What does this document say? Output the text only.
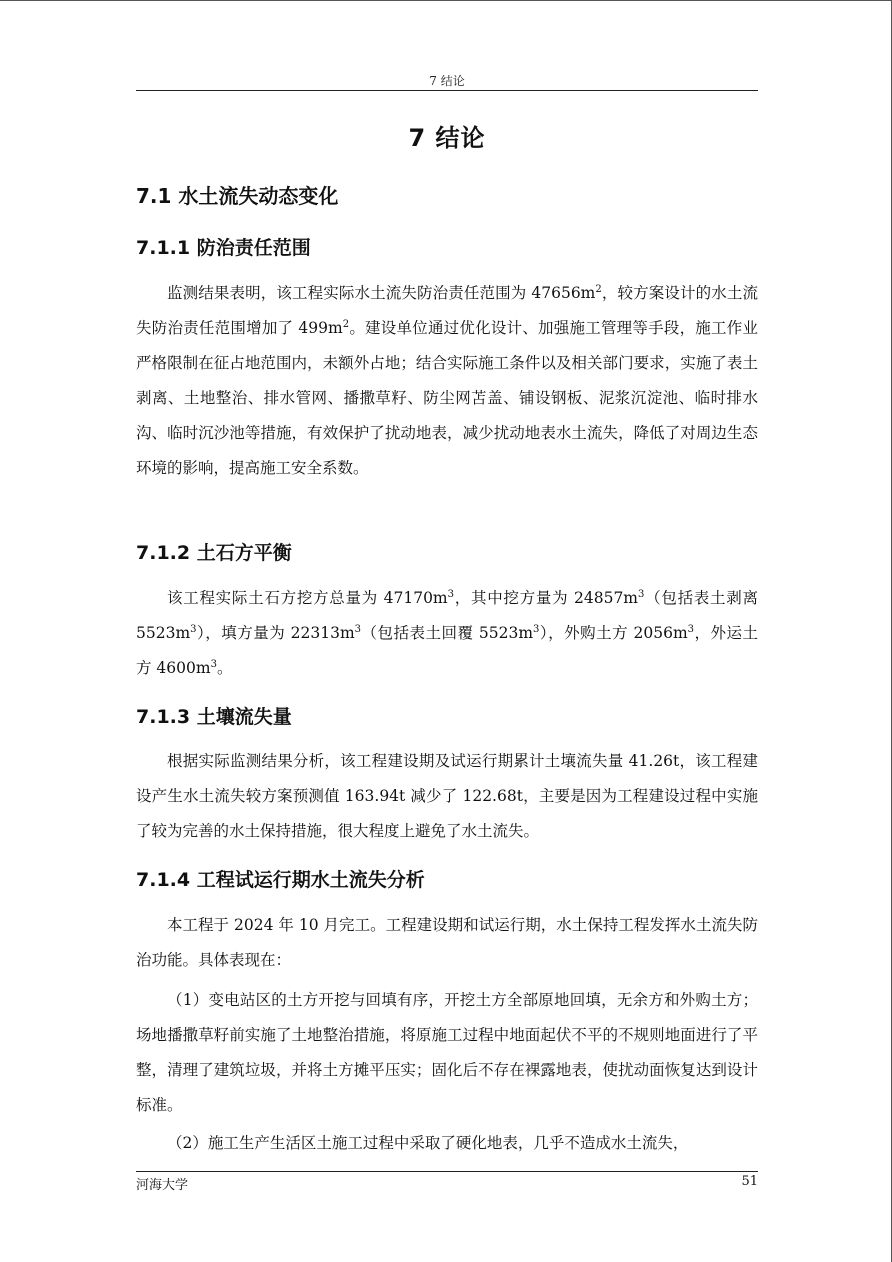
7 结论
7 结论
7.1 水土流失动态变化
7.1.1 防治责任范围

监测结果表明，该工程实际水土流失防治责任范围为 $47656m^2$，较方案设计的水土流失防治责任范围增加了 $499m^2$。建设单位通过优化设计、加强施工管理等手段，施工作业严格限制在征占地范围内，未额外占地；结合实际施工条件以及相关部门要求，实施了表土剥离、土地整治、排水管网、播撒草籽、防尘网苫盖、铺设钢板、泥浆沉淀池、临时排水沟、临时沉沙池等措施，有效保护了扰动地表，减少扰动地表水土流失，降低了对周边生态环境的影响，提高施工安全系数。

7.1.2 土石方平衡

该工程实际土石方挖方总量为 $47170m^3$，其中挖方量为 $24857m^3$（包括表土剥离 $5523m^3$），填方量为 $22313m^3$（包括表土回覆 $5523m^3$），外购土方 $2056m^3$，外运土方 $4600m^3$。

7.1.3 土壤流失量

根据实际监测结果分析，该工程建设期及试运行期累计土壤流失量 41.26t，该工程建设产生水土流失较方案预测值 163.94t 减少了 122.68t，主要是因为工程建设过程中实施了较为完善的水土保持措施，很大程度上避免了水土流失。

7.1.4 工程试运行期水土流失分析

本工程于 2024 年 10 月完工。工程建设期和试运行期，水土保持工程发挥水土流失防治功能。具体表现在：

（1）变电站区的土方开挖与回填有序，开挖土方全部原地回填，无余方和外购土方；场地播撒草籽前实施了土地整治措施，将原施工过程中地面起伏不平的不规则地面进行了平整，清理了建筑垃圾，并将土方摊平压实；固化后不存在裸露地表，使扰动面恢复达到设计标准。

（2）施工生产生活区土施工过程中采取了硬化地表，几乎不造成水土流失，

河海大学	51
